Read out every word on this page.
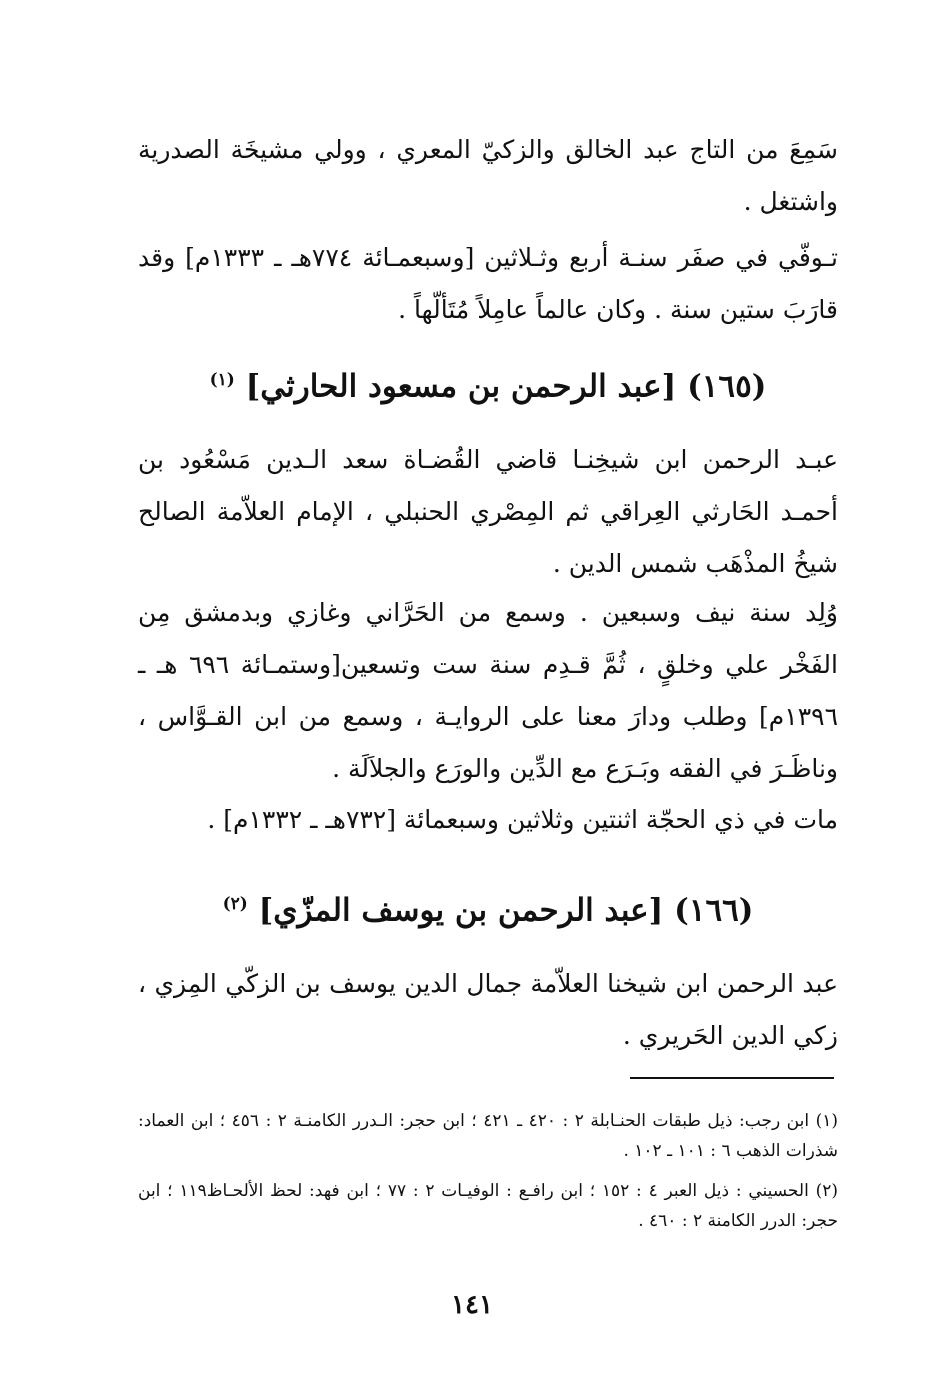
سَمِعَ من التاج عبد الخالق والزكيّ المعري ، وولي مشيخَة الصدرية واشتغل .

تـوفّي في صفَر سنـة أربع وثـلاثين [وسبعمـائة ٧٧٤هـ ـ ١٣٣٣م] وقد قارَبَ ستين سنة . وكان عالماً عامِلاً مُتَألّهاً .

(١٦٥) [عبد الرحمن بن مسعود الحارثي] $^{(١)}$

عبـد الرحمن ابن شيخِنـا قاضي القُضـاة سعد الـدين مَسْعُود بن أحمـد الحَارثي العِراقي ثم المِصْري الحنبلي ، الإمام العلاّمة الصالح شيخُ المذْهَب شمس الدين .

وُلِد سنة نيف وسبعين . وسمع من الحَرَّاني وغازي وبدمشق مِن الفَخْر علي وخلقٍ ، ثُمَّ قـدِم سنة ست وتسعين[وستمـائة ٦٩٦ هـ ـ ١٣٩٦م] وطلب ودارَ معنا على الروايـة ، وسمع من ابن القـوَّاس ، وناظَـرَ في الفقه وبَـرَع مع الدِّين والورَع والجلاَلَة .

مات في ذي الحجّة اثنتين وثلاثين وسبعمائة [٧٣٢هـ ـ ١٣٣٢م] .

(١٦٦) [عبد الرحمن بن يوسف المزّي] $^{(٢)}$

عبد الرحمن ابن شيخنا العلاّمة جمال الدين يوسف بن الزكّي المِزي ، زكي الدين الحَريري .

(١) ابن رجب: ذيل طبقات الحنـابلة ٢ : ٤٢٠ ـ ٤٢١ ؛ ابن حجر: الـدرر الكامنـة ٢ : ٤٥٦ ؛ ابن العماد: شذرات الذهب ٦ : ١٠١ ـ ١٠٢ .

(٢) الحسيني : ذيل العبر ٤ : ١٥٢ ؛ ابن رافـع : الوفيـات ٢ : ٧٧ ؛ ابن فهد: لحظ الألحـاظ١١٩ ؛ ابن حجر: الدرر الكامنة ٢ : ٤٦٠ .

١٤١
